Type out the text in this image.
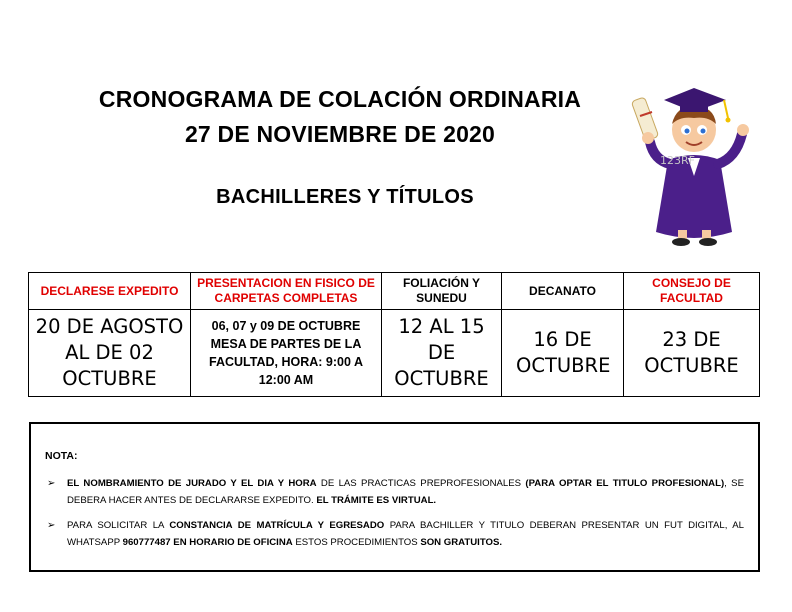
CRONOGRAMA DE COLACIÓN ORDINARIA
27 DE NOVIEMBRE DE 2020
BACHILLERES Y TÍTULOS
123RF
DECLARESE EXPEDITO	PRESENTACION EN FISICO DE CARPETAS COMPLETAS	FOLIACIÓN Y SUNEDU	DECANATO	CONSEJO DE FACULTAD
20 DE AGOSTO AL DE 02 OCTUBRE	06, 07 y 09 DE OCTUBRE MESA DE PARTES DE LA FACULTAD, HORA: 9:00 A 12:00 AM	12 AL 15 DE OCTUBRE	16 DE OCTUBRE	23 DE OCTUBRE
NOTA:
➢ EL NOMBRAMIENTO DE JURADO Y EL DIA Y HORA DE LAS PRACTICAS PREPROFESIONALES (PARA OPTAR EL TITULO PROFESIONAL), SE DEBERA HACER ANTES DE DECLARARSE EXPEDITO. EL TRÁMITE ES VIRTUAL.
➢ PARA SOLICITAR LA CONSTANCIA DE MATRÍCULA Y EGRESADO PARA BACHILLER Y TITULO DEBERAN PRESENTAR UN FUT DIGITAL, AL WHATSAPP 960777487 EN HORARIO DE OFICINA ESTOS PROCEDIMIENTOS SON GRATUITOS.
